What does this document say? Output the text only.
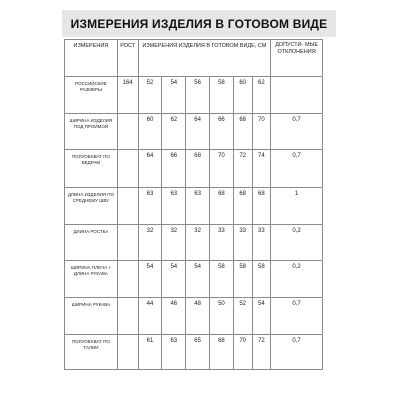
ИЗМЕРЕНИЯ ИЗДЕЛИЯ В ГОТОВОМ ВИДЕ
ИЗМЕРЕНИЯ	РОСТ	ИЗМЕРЕНИЯ ИЗДЕЛИЯ В ГОТОВОМ ВИДЕ, СМ						ДОПУСТИ- МЫЕ ОТКЛОНЕНИЯ
РОССИЙСКИЕ РАЗМЕРЫ	164	52	54	56	58	60	62	
ШИРИНА ИЗДЕЛИЯ ПОД ПРОЙМОЙ		60	62	64	66	68	70	0,7
ПОЛУОБХВАТ ПО БЕДРАМ		64	66	68	70	72	74	0,7
ДЛИНА ИЗДЕЛИЯ ПО СРЕДНЕМУ ШВУ		63	63	63	68	68	68	1
ДЛИНА РОСТКА		32	32	32	33	33	33	0,2
ШИРИНА ПЛЕЧА + ДЛИНА РУКАВА		54	54	54	58	58	58	0,2
ШИРИНА РУКАВА		44	46	48	50	52	54	0,7
ПОЛУОБХВАТ ПО ТАЛИИ		61	63	65	68	70	72	0,7
